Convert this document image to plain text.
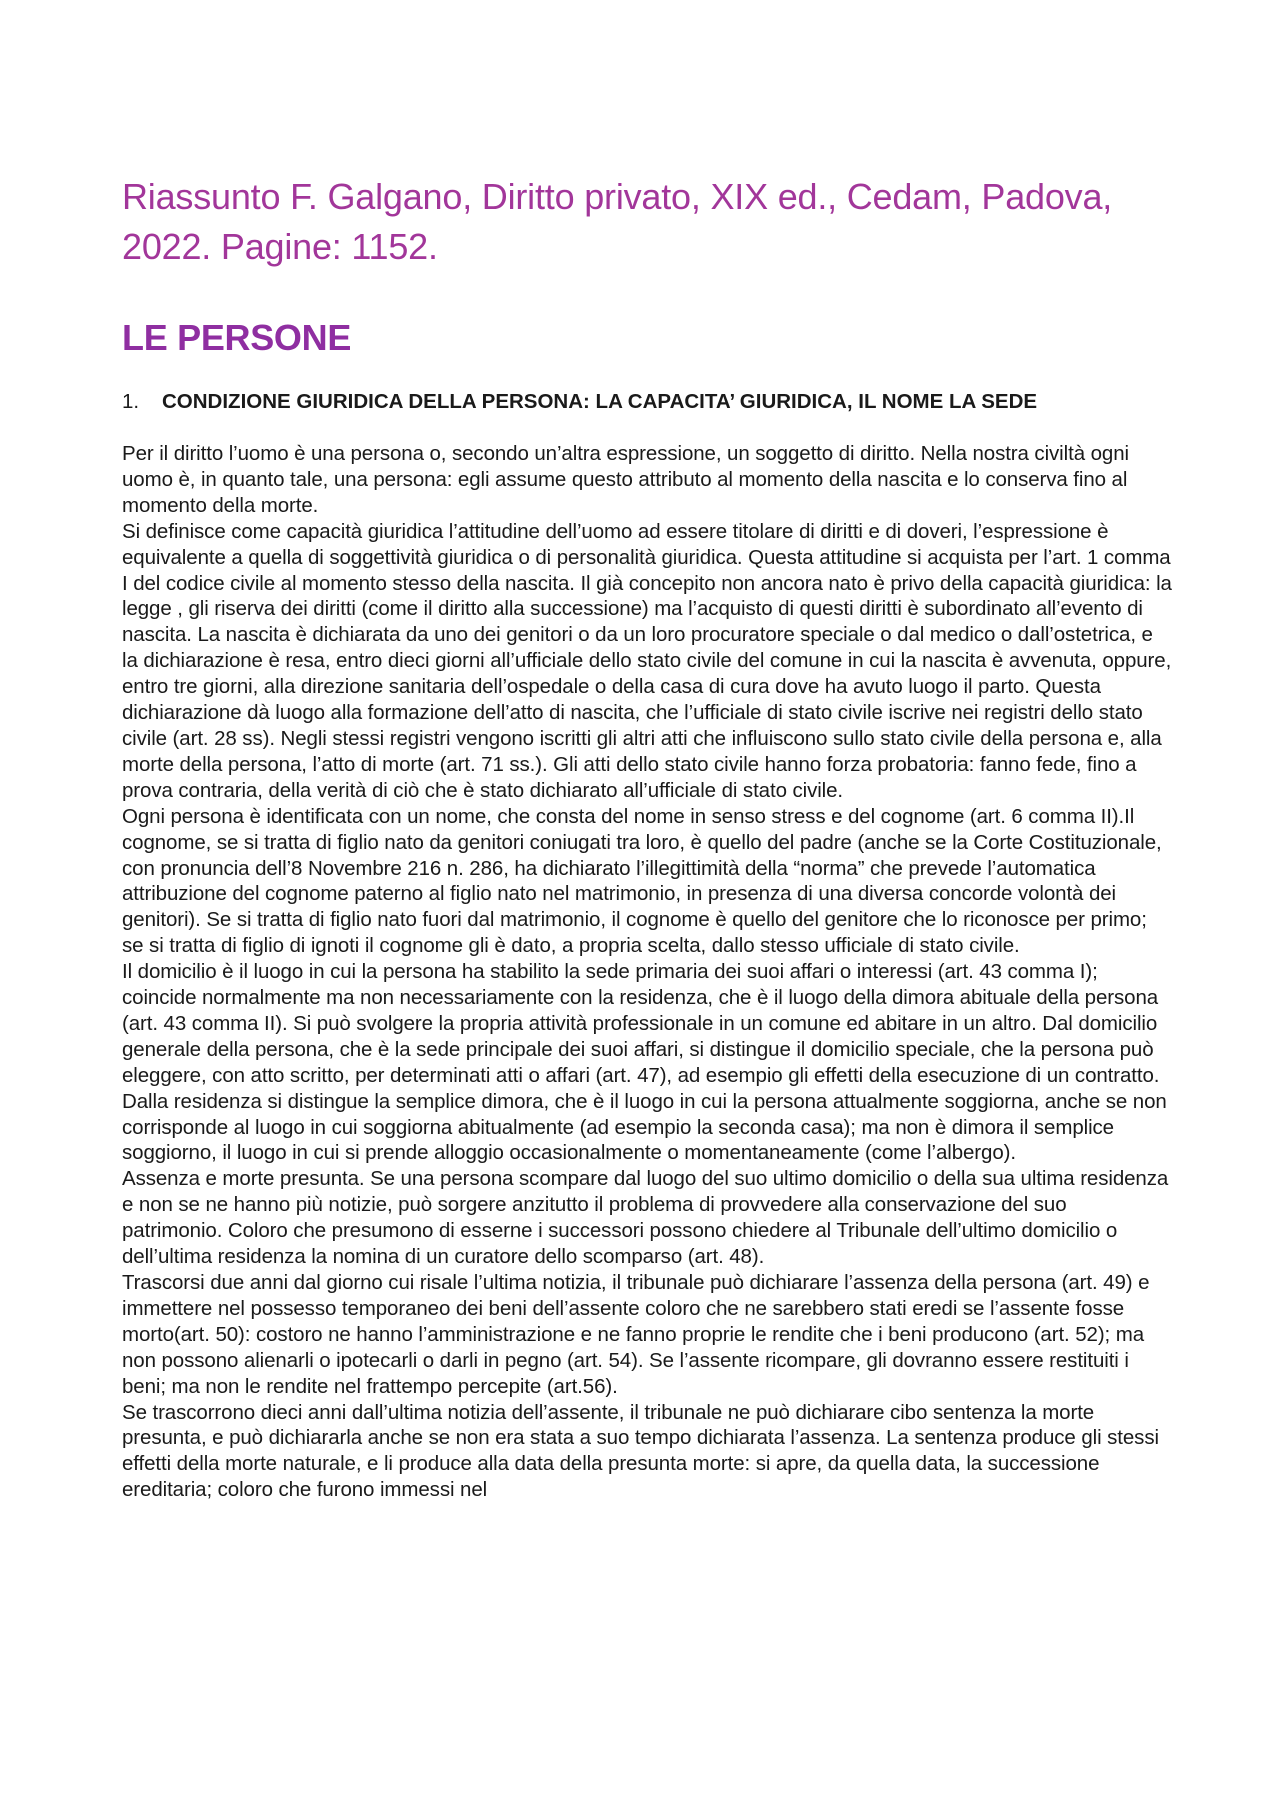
Riassunto F. Galgano, Diritto privato, XIX ed., Cedam, Padova, 2022. Pagine: 1152.
LE PERSONE
1. CONDIZIONE GIURIDICA DELLA PERSONA: LA CAPACITA’ GIURIDICA, IL NOME LA SEDE

Per il diritto l’uomo è una persona o, secondo un’altra espressione, un soggetto di diritto. Nella nostra civiltà ogni uomo è, in quanto tale, una persona: egli assume questo attributo al momento della nascita e lo conserva fino al momento della morte.

Si definisce come capacità giuridica l’attitudine dell’uomo ad essere titolare di diritti e di doveri, l’espressione è equivalente a quella di soggettività giuridica o di personalità giuridica. Questa attitudine si acquista per l’art. 1 comma I del codice civile al momento stesso della nascita. Il già concepito non ancora nato è privo della capacità giuridica: la legge , gli riserva dei diritti (come il diritto alla successione) ma l’acquisto di questi diritti è subordinato all’evento di nascita. La nascita è dichiarata da uno dei genitori o da un loro procuratore speciale o dal medico o dall’ostetrica, e la dichiarazione è resa, entro dieci giorni all’ufficiale dello stato civile del comune in cui la nascita è avvenuta, oppure, entro tre giorni, alla direzione sanitaria dell’ospedale o della casa di cura dove ha avuto luogo il parto. Questa dichiarazione dà luogo alla formazione dell’atto di nascita, che l’ufficiale di stato civile iscrive nei registri dello stato civile (art. 28 ss). Negli stessi registri vengono iscritti gli altri atti che influiscono sullo stato civile della persona e, alla morte della persona, l’atto di morte (art. 71 ss.). Gli atti dello stato civile hanno forza probatoria: fanno fede, fino a prova contraria, della verità di ciò che è stato dichiarato all’ufficiale di stato civile.

Ogni persona è identificata con un nome, che consta del nome in senso stress e del cognome (art. 6 comma II).Il cognome, se si tratta di figlio nato da genitori coniugati tra loro, è quello del padre (anche se la Corte Costituzionale, con pronuncia dell’8 Novembre 216 n. 286, ha dichiarato l’illegittimità della “norma” che prevede l’automatica attribuzione del cognome paterno al figlio nato nel matrimonio, in presenza di una diversa concorde volontà dei genitori). Se si tratta di figlio nato fuori dal matrimonio, il cognome è quello del genitore che lo riconosce per primo; se si tratta di figlio di ignoti il cognome gli è dato, a propria scelta, dallo stesso ufficiale di stato civile.

Il domicilio è il luogo in cui la persona ha stabilito la sede primaria dei suoi affari o interessi (art. 43 comma I); coincide normalmente ma non necessariamente con la residenza, che è il luogo della dimora abituale della persona (art. 43 comma II). Si può svolgere la propria attività professionale in un comune ed abitare in un altro. Dal domicilio generale della persona, che è la sede principale dei suoi affari, si distingue il domicilio speciale, che la persona può eleggere, con atto scritto, per determinati atti o affari (art. 47), ad esempio gli effetti della esecuzione di un contratto. Dalla residenza si distingue la semplice dimora, che è il luogo in cui la persona attualmente soggiorna, anche se non corrisponde al luogo in cui soggiorna abitualmente (ad esempio la seconda casa); ma non è dimora il semplice soggiorno, il luogo in cui si prende alloggio occasionalmente o momentaneamente (come l’albergo).

Assenza e morte presunta. Se una persona scompare dal luogo del suo ultimo domicilio o della sua ultima residenza e non se ne hanno più notizie, può sorgere anzitutto il problema di provvedere alla conservazione del suo patrimonio. Coloro che presumono di esserne i successori possono chiedere al Tribunale dell’ultimo domicilio o dell’ultima residenza la nomina di un curatore dello scomparso (art. 48).

Trascorsi due anni dal giorno cui risale l’ultima notizia, il tribunale può dichiarare l’assenza della persona (art. 49) e immettere nel possesso temporaneo dei beni dell’assente coloro che ne sarebbero stati eredi se l’assente fosse morto(art. 50): costoro ne hanno l’amministrazione e ne fanno proprie le rendite che i beni producono (art. 52); ma non possono alienarli o ipotecarli o darli in pegno (art. 54). Se l’assente ricompare, gli dovranno essere restituiti i beni; ma non le rendite nel frattempo percepite (art.56).

Se trascorrono dieci anni dall’ultima notizia dell’assente, il tribunale ne può dichiarare cibo sentenza la morte presunta, e può dichiararla anche se non era stata a suo tempo dichiarata l’assenza. La sentenza produce gli stessi effetti della morte naturale, e li produce alla data della presunta morte: si apre, da quella data, la successione ereditaria; coloro che furono immessi nel
